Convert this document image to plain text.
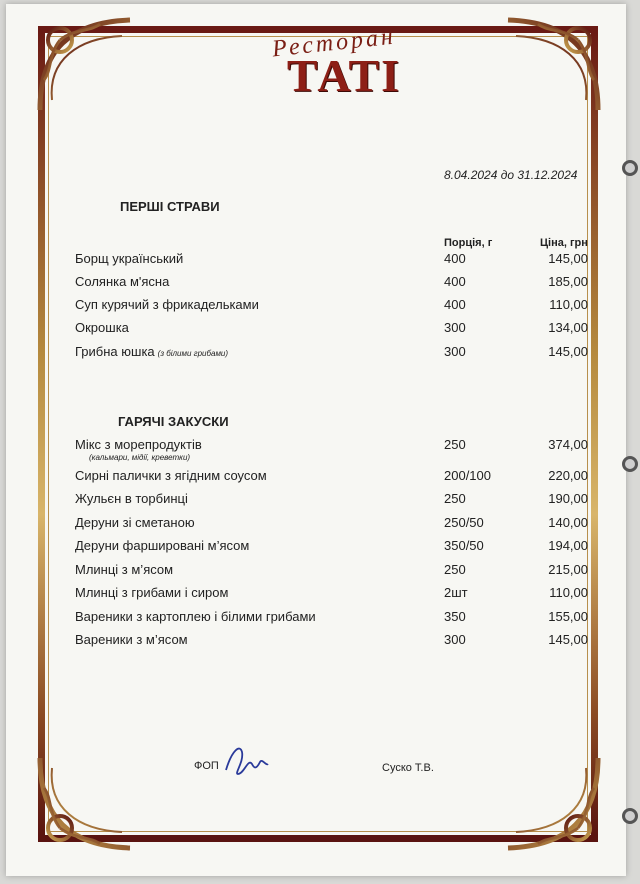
Ресторан
ТАТІ
8.04.2024 до 31.12.2024
ПЕРШІ СТРАВИ
Порція, г	Ціна, грн
Борщ український	400	145,00
Солянка м'ясна	400	185,00
Суп курячий з фрикадельками	400	110,00
Окрошка	300	134,00
Грибна юшка (з білими грибами)	300	145,00
ГАРЯЧІ ЗАКУСКИ
Мікс з морепродуктів
(кальмари, мідії, креветки)
250	374,00
Сирні палички з ягідним соусом	200/100	220,00
Жульєн в торбинці	250	190,00
Деруни зі сметаною	250/50	140,00
Деруни фаршировані м’ясом	350/50	194,00
Млинці з м’ясом	250	215,00
Млинці з грибами і сиром	2шт	110,00
Вареники з картоплею і білими грибами	350	155,00
Вареники з м’ясом	300	145,00
ФОП	Суско Т.В.
